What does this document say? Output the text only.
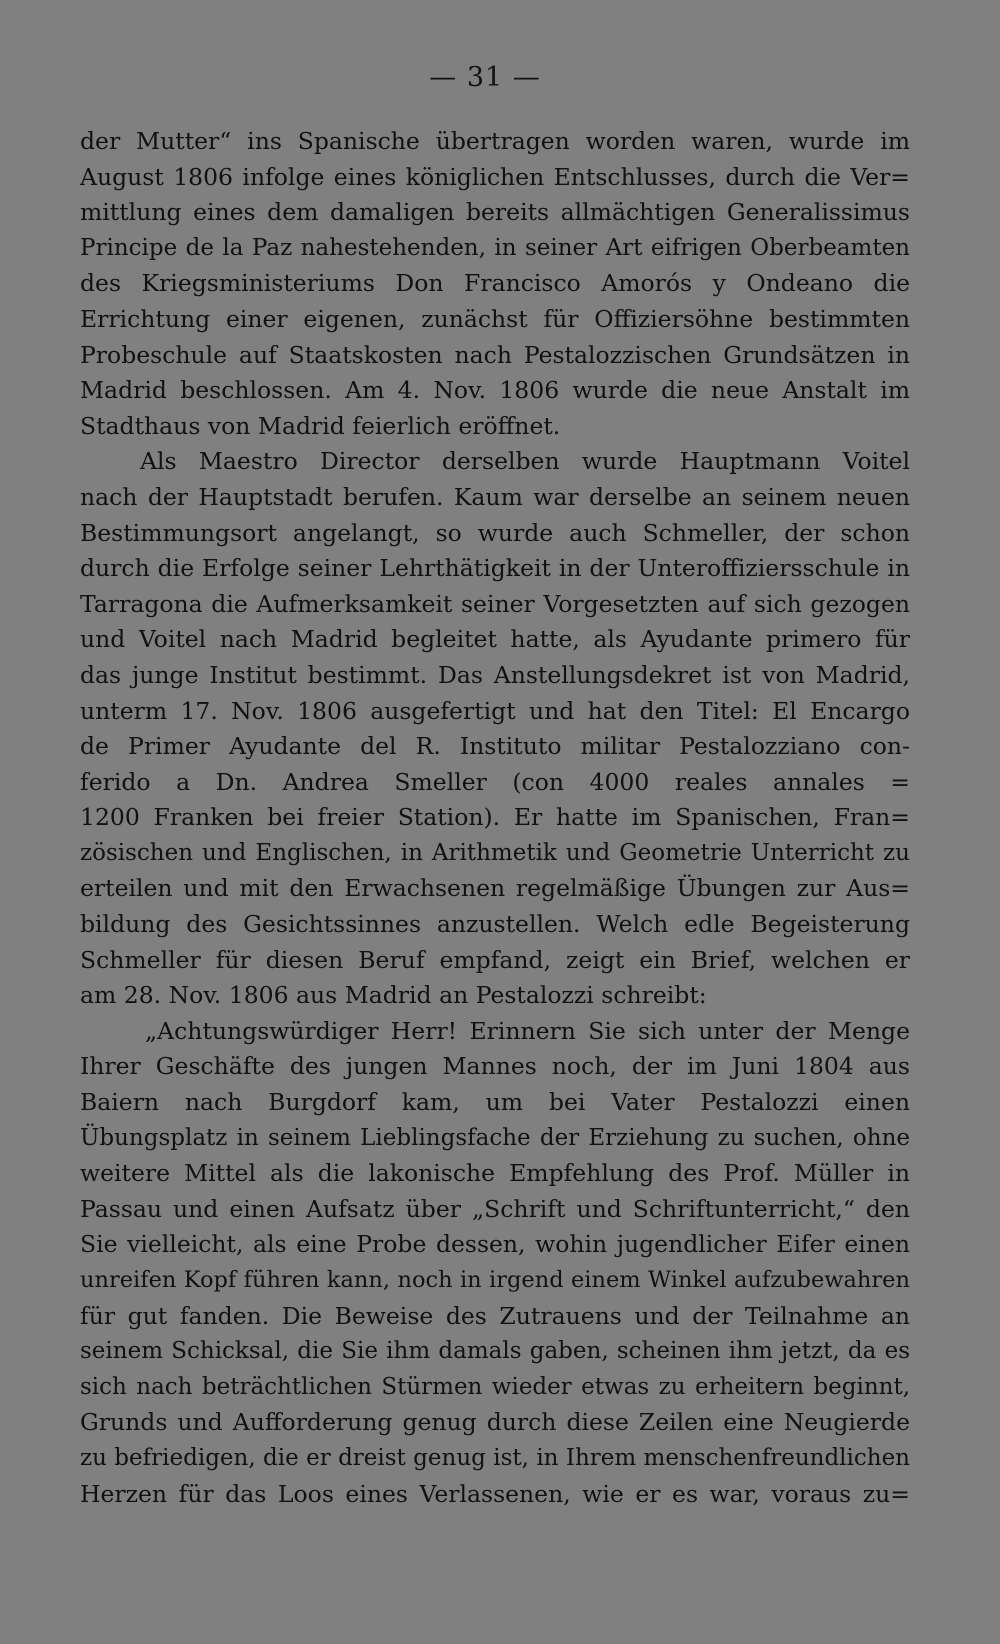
— 31 —
der Mutter“ ins Spanische übertragen worden waren, wurde im
August 1806 infolge eines königlichen Entschlusses, durch die Ver=
mittlung eines dem damaligen bereits allmächtigen Generalissimus
Principe de la Paz nahestehenden, in seiner Art eifrigen Oberbeamten
des Kriegsministeriums Don Francisco Amorós y Ondeano die
Errichtung einer eigenen, zunächst für Offiziersöhne bestimmten
Probeschule auf Staatskosten nach Pestalozzischen Grundsätzen in
Madrid beschlossen. Am 4. Nov. 1806 wurde die neue Anstalt im
Stadthaus von Madrid feierlich eröffnet.
Als Maestro Director derselben wurde Hauptmann Voitel
nach der Hauptstadt berufen. Kaum war derselbe an seinem neuen
Bestimmungsort angelangt, so wurde auch Schmeller, der schon
durch die Erfolge seiner Lehrthätigkeit in der Unteroffiziersschule in
Tarragona die Aufmerksamkeit seiner Vorgesetzten auf sich gezogen
und Voitel nach Madrid begleitet hatte, als Ayudante primero für
das junge Institut bestimmt. Das Anstellungsdekret ist von Madrid,
unterm 17. Nov. 1806 ausgefertigt und hat den Titel: El Encargo
de Primer Ayudante del R. Instituto militar Pestalozziano con-
ferido a Dn. Andrea Smeller (con 4000 reales annales =
1200 Franken bei freier Station). Er hatte im Spanischen, Fran=
zösischen und Englischen, in Arithmetik und Geometrie Unterricht zu
erteilen und mit den Erwachsenen regelmäßige Übungen zur Aus=
bildung des Gesichtssinnes anzustellen. Welch edle Begeisterung
Schmeller für diesen Beruf empfand, zeigt ein Brief, welchen er
am 28. Nov. 1806 aus Madrid an Pestalozzi schreibt:
„Achtungswürdiger Herr! Erinnern Sie sich unter der Menge
Ihrer Geschäfte des jungen Mannes noch, der im Juni 1804 aus
Baiern nach Burgdorf kam, um bei Vater Pestalozzi einen
Übungsplatz in seinem Lieblingsfache der Erziehung zu suchen, ohne
weitere Mittel als die lakonische Empfehlung des Prof. Müller in
Passau und einen Aufsatz über „Schrift und Schriftunterricht,“ den
Sie vielleicht, als eine Probe dessen, wohin jugendlicher Eifer einen
unreifen Kopf führen kann, noch in irgend einem Winkel aufzubewahren
für gut fanden. Die Beweise des Zutrauens und der Teilnahme an
seinem Schicksal, die Sie ihm damals gaben, scheinen ihm jetzt, da es
sich nach beträchtlichen Stürmen wieder etwas zu erheitern beginnt,
Grunds und Aufforderung genug durch diese Zeilen eine Neugierde
zu befriedigen, die er dreist genug ist, in Ihrem menschenfreundlichen
Herzen für das Loos eines Verlassenen, wie er es war, voraus zu=
